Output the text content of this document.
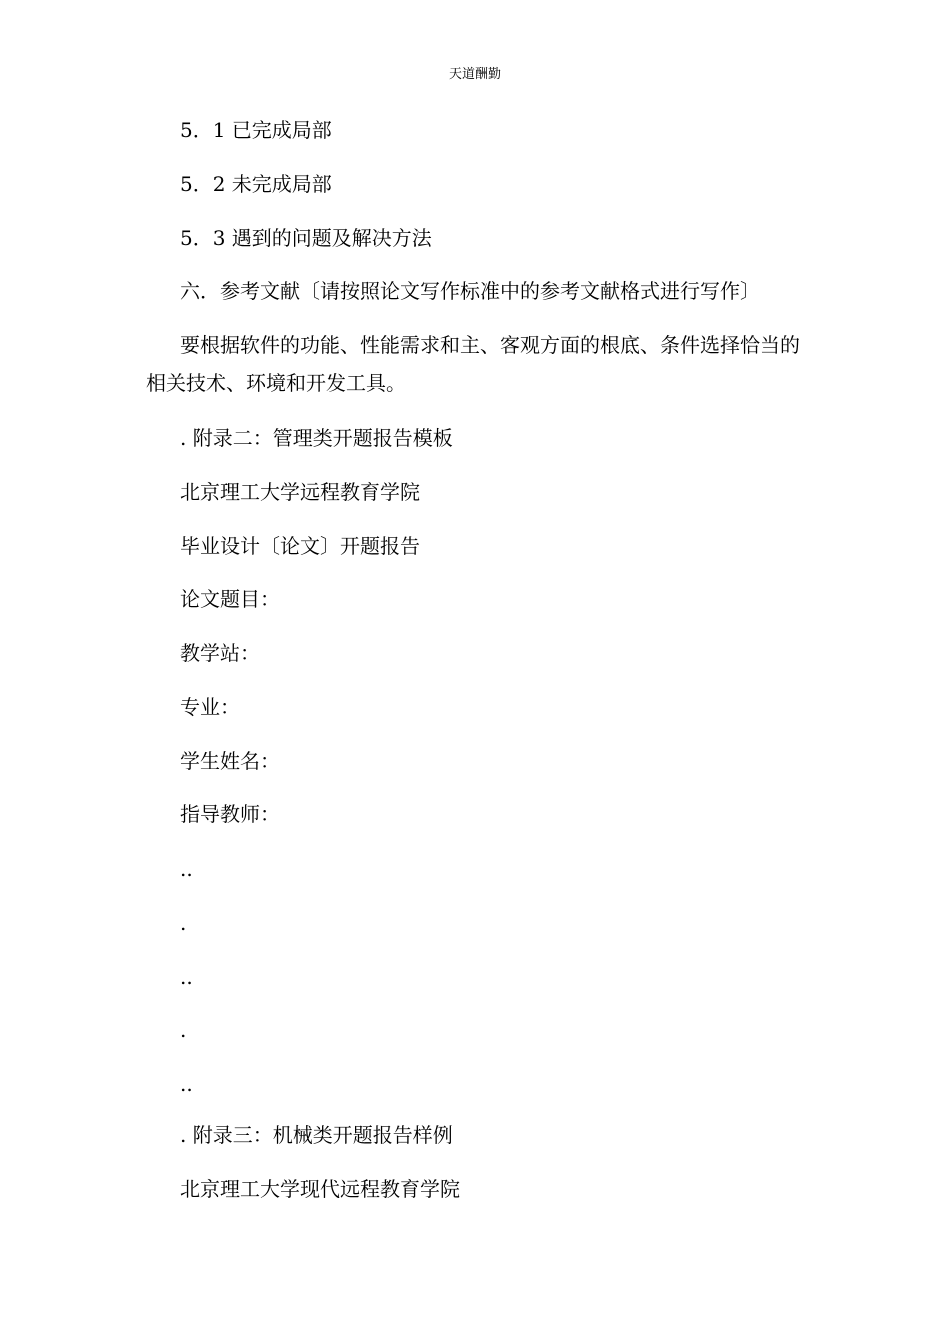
天道酬勤
5．1 已完成局部
5．2 未完成局部
5．3 遇到的问题及解决方法
六．参考文献〔请按照论文写作标准中的参考文献格式进行写作〕
要根据软件的功能、性能需求和主、客观方面的根底、条件选择恰当的相关技术、环境和开发工具。
. 附录二：管理类开题报告模板
北京理工大学远程教育学院
毕业设计〔论文〕开题报告
论文题目：
教学站：
专业：
学生姓名：
指导教师：
..
.
..
.
..
. 附录三：机械类开题报告样例
北京理工大学现代远程教育学院
